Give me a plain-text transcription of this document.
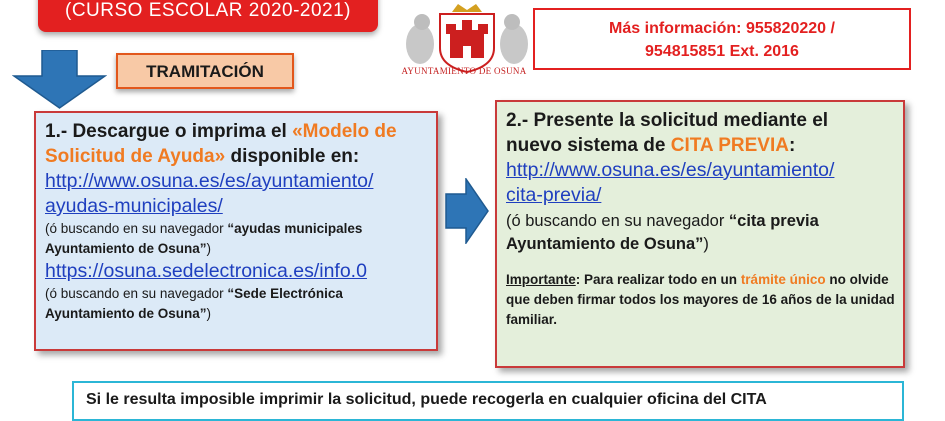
(CURSO ESCOLAR 2020-2021)
AYUNTAMIENTO DE OSUNA
Más información: 955820220 /
954815851 Ext. 2016
TRAMITACIÓN
1.- Descargue o imprima el «Modelo de
Solicitud de Ayuda» disponible en:
http://www.osuna.es/es/ayuntamiento/
ayudas-municipales/
(ó buscando en su navegador “ayudas municipales Ayuntamiento de Osuna”)
https://osuna.sedelectronica.es/info.0
(ó buscando en su navegador “Sede Electrónica Ayuntamiento de Osuna”)
2.- Presente la solicitud mediante el
nuevo sistema de CITA PREVIA:
http://www.osuna.es/es/ayuntamiento/
cita-previa/
(ó buscando en su navegador “cita previa Ayuntamiento de Osuna”)
Importante: Para realizar todo en un trámite único no olvide que deben firmar todos los mayores de 16 años de la unidad familiar.
Si le resulta imposible imprimir la solicitud, puede recogerla en cualquier oficina del CITA
